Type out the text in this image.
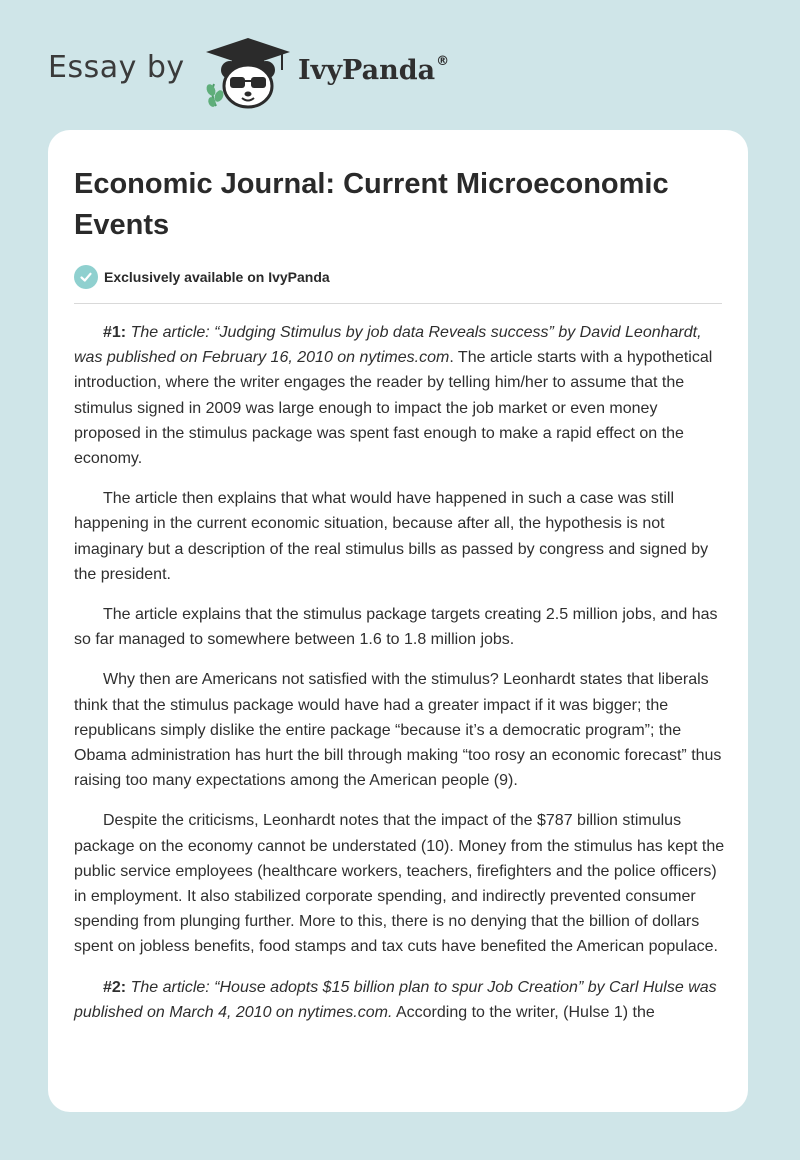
Essay by	IvyPanda®
Economic Journal: Current Microeconomic Events
Exclusively available on IvyPanda

#1: The article: “Judging Stimulus by job data Reveals success” by David Leonhardt, was published on February 16, 2010 on nytimes.com. The article starts with a hypothetical introduction, where the writer engages the reader by telling him/her to assume that the stimulus signed in 2009 was large enough to impact the job market or even money proposed in the stimulus package was spent fast enough to make a rapid effect on the economy.

The article then explains that what would have happened in such a case was still happening in the current economic situation, because after all, the hypothesis is not imaginary but a description of the real stimulus bills as passed by congress and signed by the president.

The article explains that the stimulus package targets creating 2.5 million jobs, and has so far managed to somewhere between 1.6 to 1.8 million jobs.

Why then are Americans not satisfied with the stimulus? Leonhardt states that liberals think that the stimulus package would have had a greater impact if it was bigger; the republicans simply dislike the entire package “because it’s a democratic program”; the Obama administration has hurt the bill through making “too rosy an economic forecast” thus raising too many expectations among the American people (9).

Despite the criticisms, Leonhardt notes that the impact of the $787 billion stimulus package on the economy cannot be understated (10). Money from the stimulus has kept the public service employees (healthcare workers, teachers, firefighters and the police officers) in employment. It also stabilized corporate spending, and indirectly prevented consumer spending from plunging further. More to this, there is no denying that the billion of dollars spent on jobless benefits, food stamps and tax cuts have benefited the American populace.

#2: The article: “House adopts $15 billion plan to spur Job Creation” by Carl Hulse was published on March 4, 2010 on nytimes.com. According to the writer, (Hulse 1) the
